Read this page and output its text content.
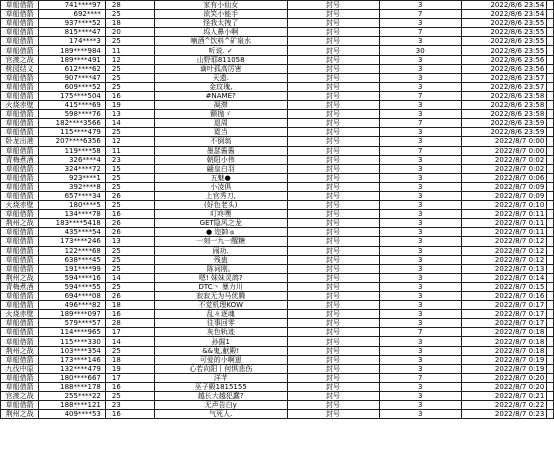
草船借箭	741****97	28	家有小仙女	封号	3	2022/8/6 23:54	
草船借箭	692****	25	欲笑小能手	封号	7	2022/8/6 23:54	
草船借箭	937****52	18	怪我太拽了	封号	3	2022/8/6 23:55	
草船借箭	815****47	20	坞人鼻小啊	封号	7	2022/8/6 23:55	
草船借箭	174****3	25	喃酒^饮料^矿泉水	封号	3	2022/8/6 23:55	
草船借箭	189****984	11	听说. ✓	封号	30	2022/8/6 23:55	
官渡之战	189****491	12	山野耶811058	封号	3	2022/8/6 23:56	
桃园结义	612****62	25	谪叶孤高厉害	封号	3	2022/8/6 23:56	
草船借箭	907****47	25	天遗.	封号	3	2022/8/6 23:57	
草船借箭	609****52	25	金玟瑰,	封号	3	2022/8/6 23:57	
草船借箭	175****504	16	#NAME?	封号	7	2022/8/6 23:58	
火烧赤壁	415****69	19	凝滞	封号	3	2022/8/6 23:58	
草船借箭	598****76	13	颤抛ゞ	封号	3	2022/8/6 23:58	
草船借箭	182****3566	14	退周	封号	7	2022/8/6 23:59	
草船借箭	115****479	25	霓当	封号	3	2022/8/6 23:59	
卧龙出港	207****6356	12	不倒翁	封号	3	2022/8/7 0:00	
草船借箭	119****58	11	墨瑟酱酱	封号	7	2022/8/7 0:00	
青梅煮酒	326****4	23	朝阳小伟	封号	3	2022/8/7 0:02	
草船借箭	324****72	15	翩皇白羽	封号	3	2022/8/7 0:02	
草船借箭	923****1	25	五魅●	封号	3	2022/8/7 0:06	
草船借箭	392****8	25	小凌俱	封号	3	2022/8/7 0:09	
草船借箭	657****34	26	上官秀刀,	封号	3	2022/8/7 0:09	
火烧赤壁	180****5	25	(好色老头)	封号	3	2022/8/7 0:10	
草船借箭	134****78	16	叮咚嘿	封号	3	2022/8/7 0:11	
荆州之战	183****5418	26	GET隐风之龙	封号	3	2022/8/7 0:11	
草船借箭	435****54	26	● 迩帥ゅ	封号	3	2022/8/7 0:11	
草船借箭	173****246	13	一刻一九一醒糖	封号	3	2022/8/7 0:12	
草船借箭	122****68	25	闹功.	封号	3	2022/8/7 0:12	
草船借箭	638****45	25	残蛊	封号	3	2022/8/7 0:12	
草船借箭	191****99	25	陈词刚。	封号	3	2022/8/7 0:13	
荆州之战	594****16	14	嗯! 妹妹灵鸽?	封号	3	2022/8/7 0:14	
青梅煮酒	594****55	25	DTC丶 暴力川	封号	3	2022/8/7 0:15	
草船借箭	694****08	26	寂寂无为马优腾	封号	3	2022/8/7 0:16	
草船借箭	496****82	18	不觉机理KOW	封号	3	2022/8/7 0:17	
火烧赤壁	189****097	16	乱々逐魂	封号	3	2022/8/7 0:17	
草船借箭	579****57	28	往事回零	封号	3	2022/8/7 0:17	
草船借箭	114****965	17	灰色轨迹	封号	7	2022/8/7 0:18	
草船借箭	115****330	14	孙掘1	封号	3	2022/8/7 0:18	
荆州之战	103****354	25	&&鬼,献殿!	封号	3	2022/8/7 0:18	
草船借箭	173****146	18	可爱的小啊崽	封号	3	2022/8/7 0:19	
九伐中原	132****479	19	心若向阳丨何惧悲伤	封号	3	2022/8/7 0:19	
草船借箭	180****667	17	洋芊	封号	7	2022/8/7 0:20	
草船借箭	188****178	16	巫子殿1815155	封号	3	2022/8/7 0:20	
官渡之战	255****22	25	越长大越犯蠢?	封号	3	2022/8/7 0:21	
草船借箭	188****121	23	无声告白y	封号	3	2022/8/7 0:22	
荆州之战	409****53	16	气死人.	封号	3	2022/8/7 0:23	
